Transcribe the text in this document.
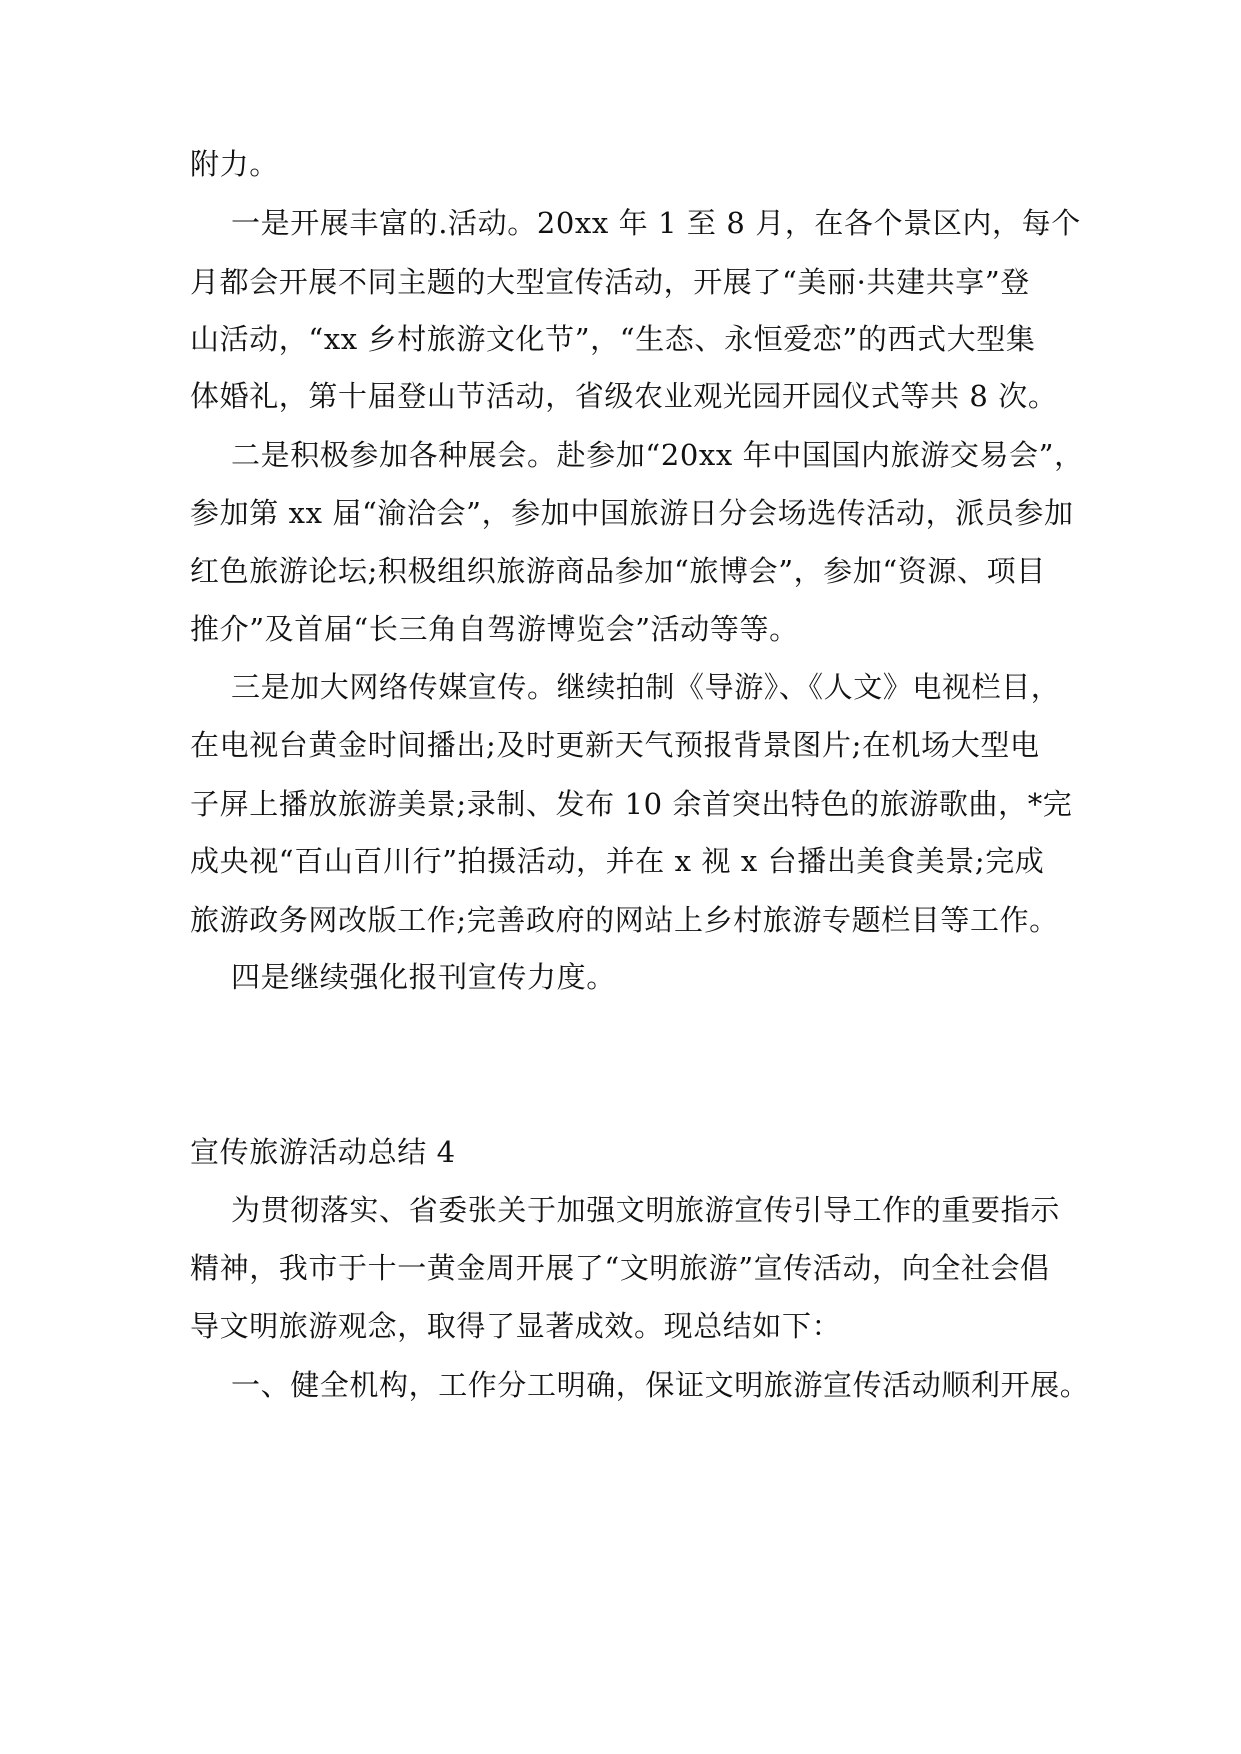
附力。
一是开展丰富的.活动。20xx 年 1 至 8 月，在各个景区内，每个
月都会开展不同主题的大型宣传活动，开展了“美丽·共建共享”登
山活动，“xx 乡村旅游文化节”，“生态、永恒爱恋”的西式大型集
体婚礼，第十届登山节活动，省级农业观光园开园仪式等共 8 次。
二是积极参加各种展会。赴参加“20xx 年中国国内旅游交易会”，
参加第 xx 届“渝洽会”，参加中国旅游日分会场选传活动，派员参加
红色旅游论坛;积极组织旅游商品参加“旅博会”，参加“资源、项目
推介”及首届“长三角自驾游博览会”活动等等。
三是加大网络传媒宣传。继续拍制《导游》、《人文》电视栏目，
在电视台黄金时间播出;及时更新天气预报背景图片;在机场大型电
子屏上播放旅游美景;录制、发布 10 余首突出特色的旅游歌曲，*完
成央视“百山百川行”拍摄活动，并在 x 视 x 台播出美食美景;完成
旅游政务网改版工作;完善政府的网站上乡村旅游专题栏目等工作。
四是继续强化报刊宣传力度。
宣传旅游活动总结 4
为贯彻落实、省委张关于加强文明旅游宣传引导工作的重要指示
精神，我市于十一黄金周开展了“文明旅游”宣传活动，向全社会倡
导文明旅游观念，取得了显著成效。现总结如下：
一、健全机构，工作分工明确，保证文明旅游宣传活动顺利开展。
